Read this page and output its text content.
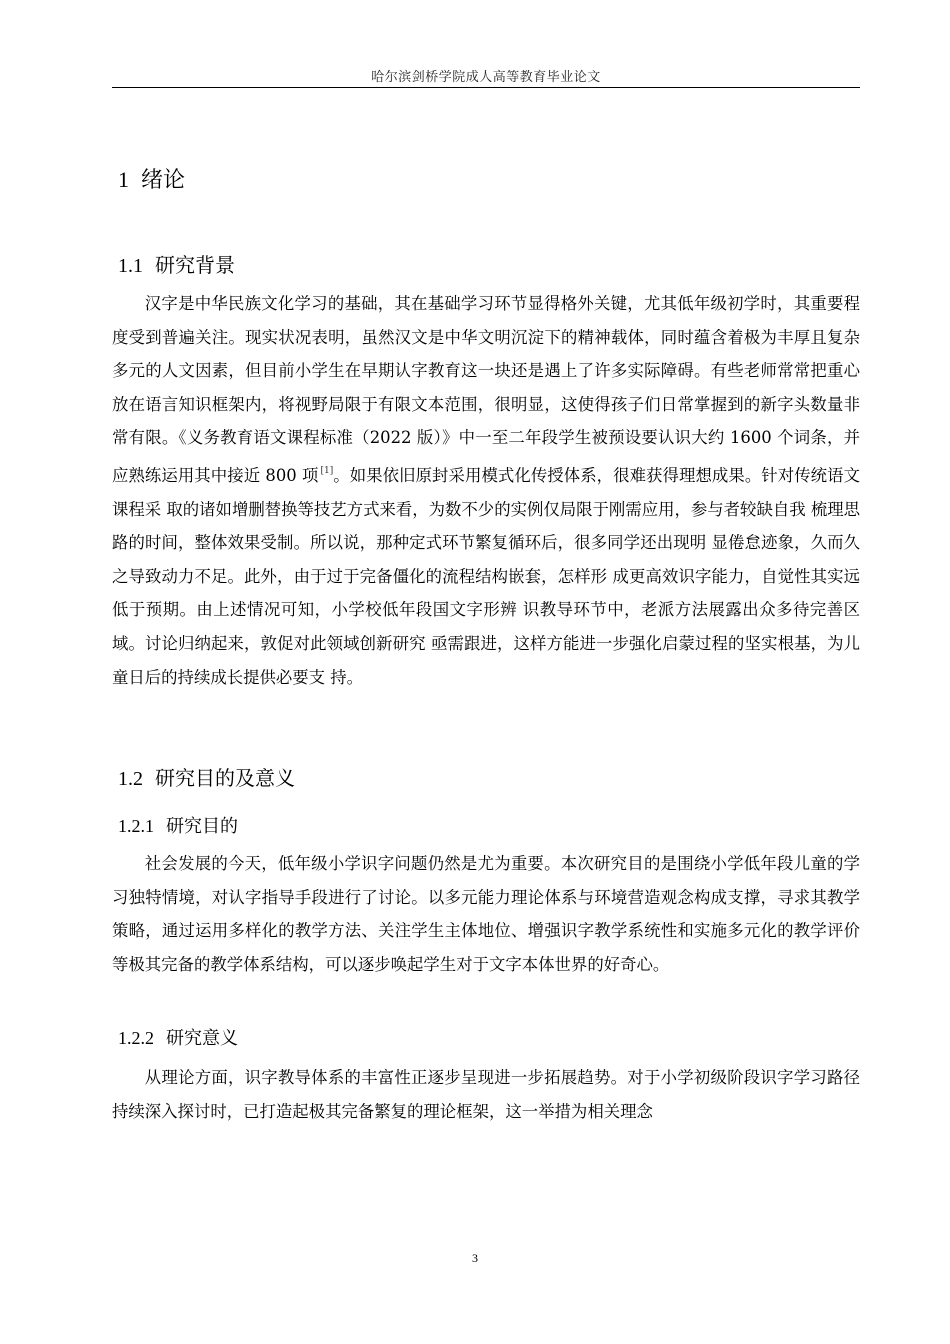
哈尔滨剑桥学院成人高等教育毕业论文
1 绪论
1.1 研究背景

汉字是中华民族文化学习的基础，其在基础学习环节显得格外关键，尤其低年级初学时，其重要程度受到普遍关注。现实状况表明，虽然汉文是中华文明沉淀下的精神载体，同时蕴含着极为丰厚且复杂多元的人文因素，但目前小学生在早期认字教育这一块还是遇上了许多实际障碍。有些老师常常把重心放在语言知识框架内，将视野局限于有限文本范围，很明显，这使得孩子们日常掌握到的新字头数量非常有限。《义务教育语文课程标准（2022 版）》中一至二年段学生被预设要认识大约 1600 个词条，并应熟练运用其中接近 800 项 [1]。如果依旧原封采用模式化传授体系，很难获得理想成果。针对传统语文课程采 取的诸如增删替换等技艺方式来看，为数不少的实例仅局限于刚需应用，参与者较缺自我 梳理思路的时间，整体效果受制。所以说，那种定式环节繁复循环后，很多同学还出现明 显倦怠迹象，久而久之导致动力不足。此外，由于过于完备僵化的流程结构嵌套，怎样形 成更高效识字能力，自觉性其实远低于预期。由上述情况可知，小学校低年段国文字形辨 识教导环节中，老派方法展露出众多待完善区域。讨论归纳起来，敦促对此领域创新研究 亟需跟进，这样方能进一步强化启蒙过程的坚实根基，为儿童日后的持续成长提供必要支 持。

1.2 研究目的及意义
1.2.1 研究目的

社会发展的今天，低年级小学识字问题仍然是尤为重要。本次研究目的是围绕小学低年段儿童的学习独特情境，对认字指导手段进行了讨论。以多元能力理论体系与环境营造观念构成支撑，寻求其教学策略，通过运用多样化的教学方法、关注学生主体地位、增强识字教学系统性和实施多元化的教学评价等极其完备的教学体系结构，可以逐步唤起学生对于文字本体世界的好奇心。

1.2.2 研究意义

从理论方面，识字教导体系的丰富性正逐步呈现进一步拓展趋势。对于小学初级阶段识字学习路径持续深入探讨时，已打造起极其完备繁复的理论框架，这一举措为相关理念

3
